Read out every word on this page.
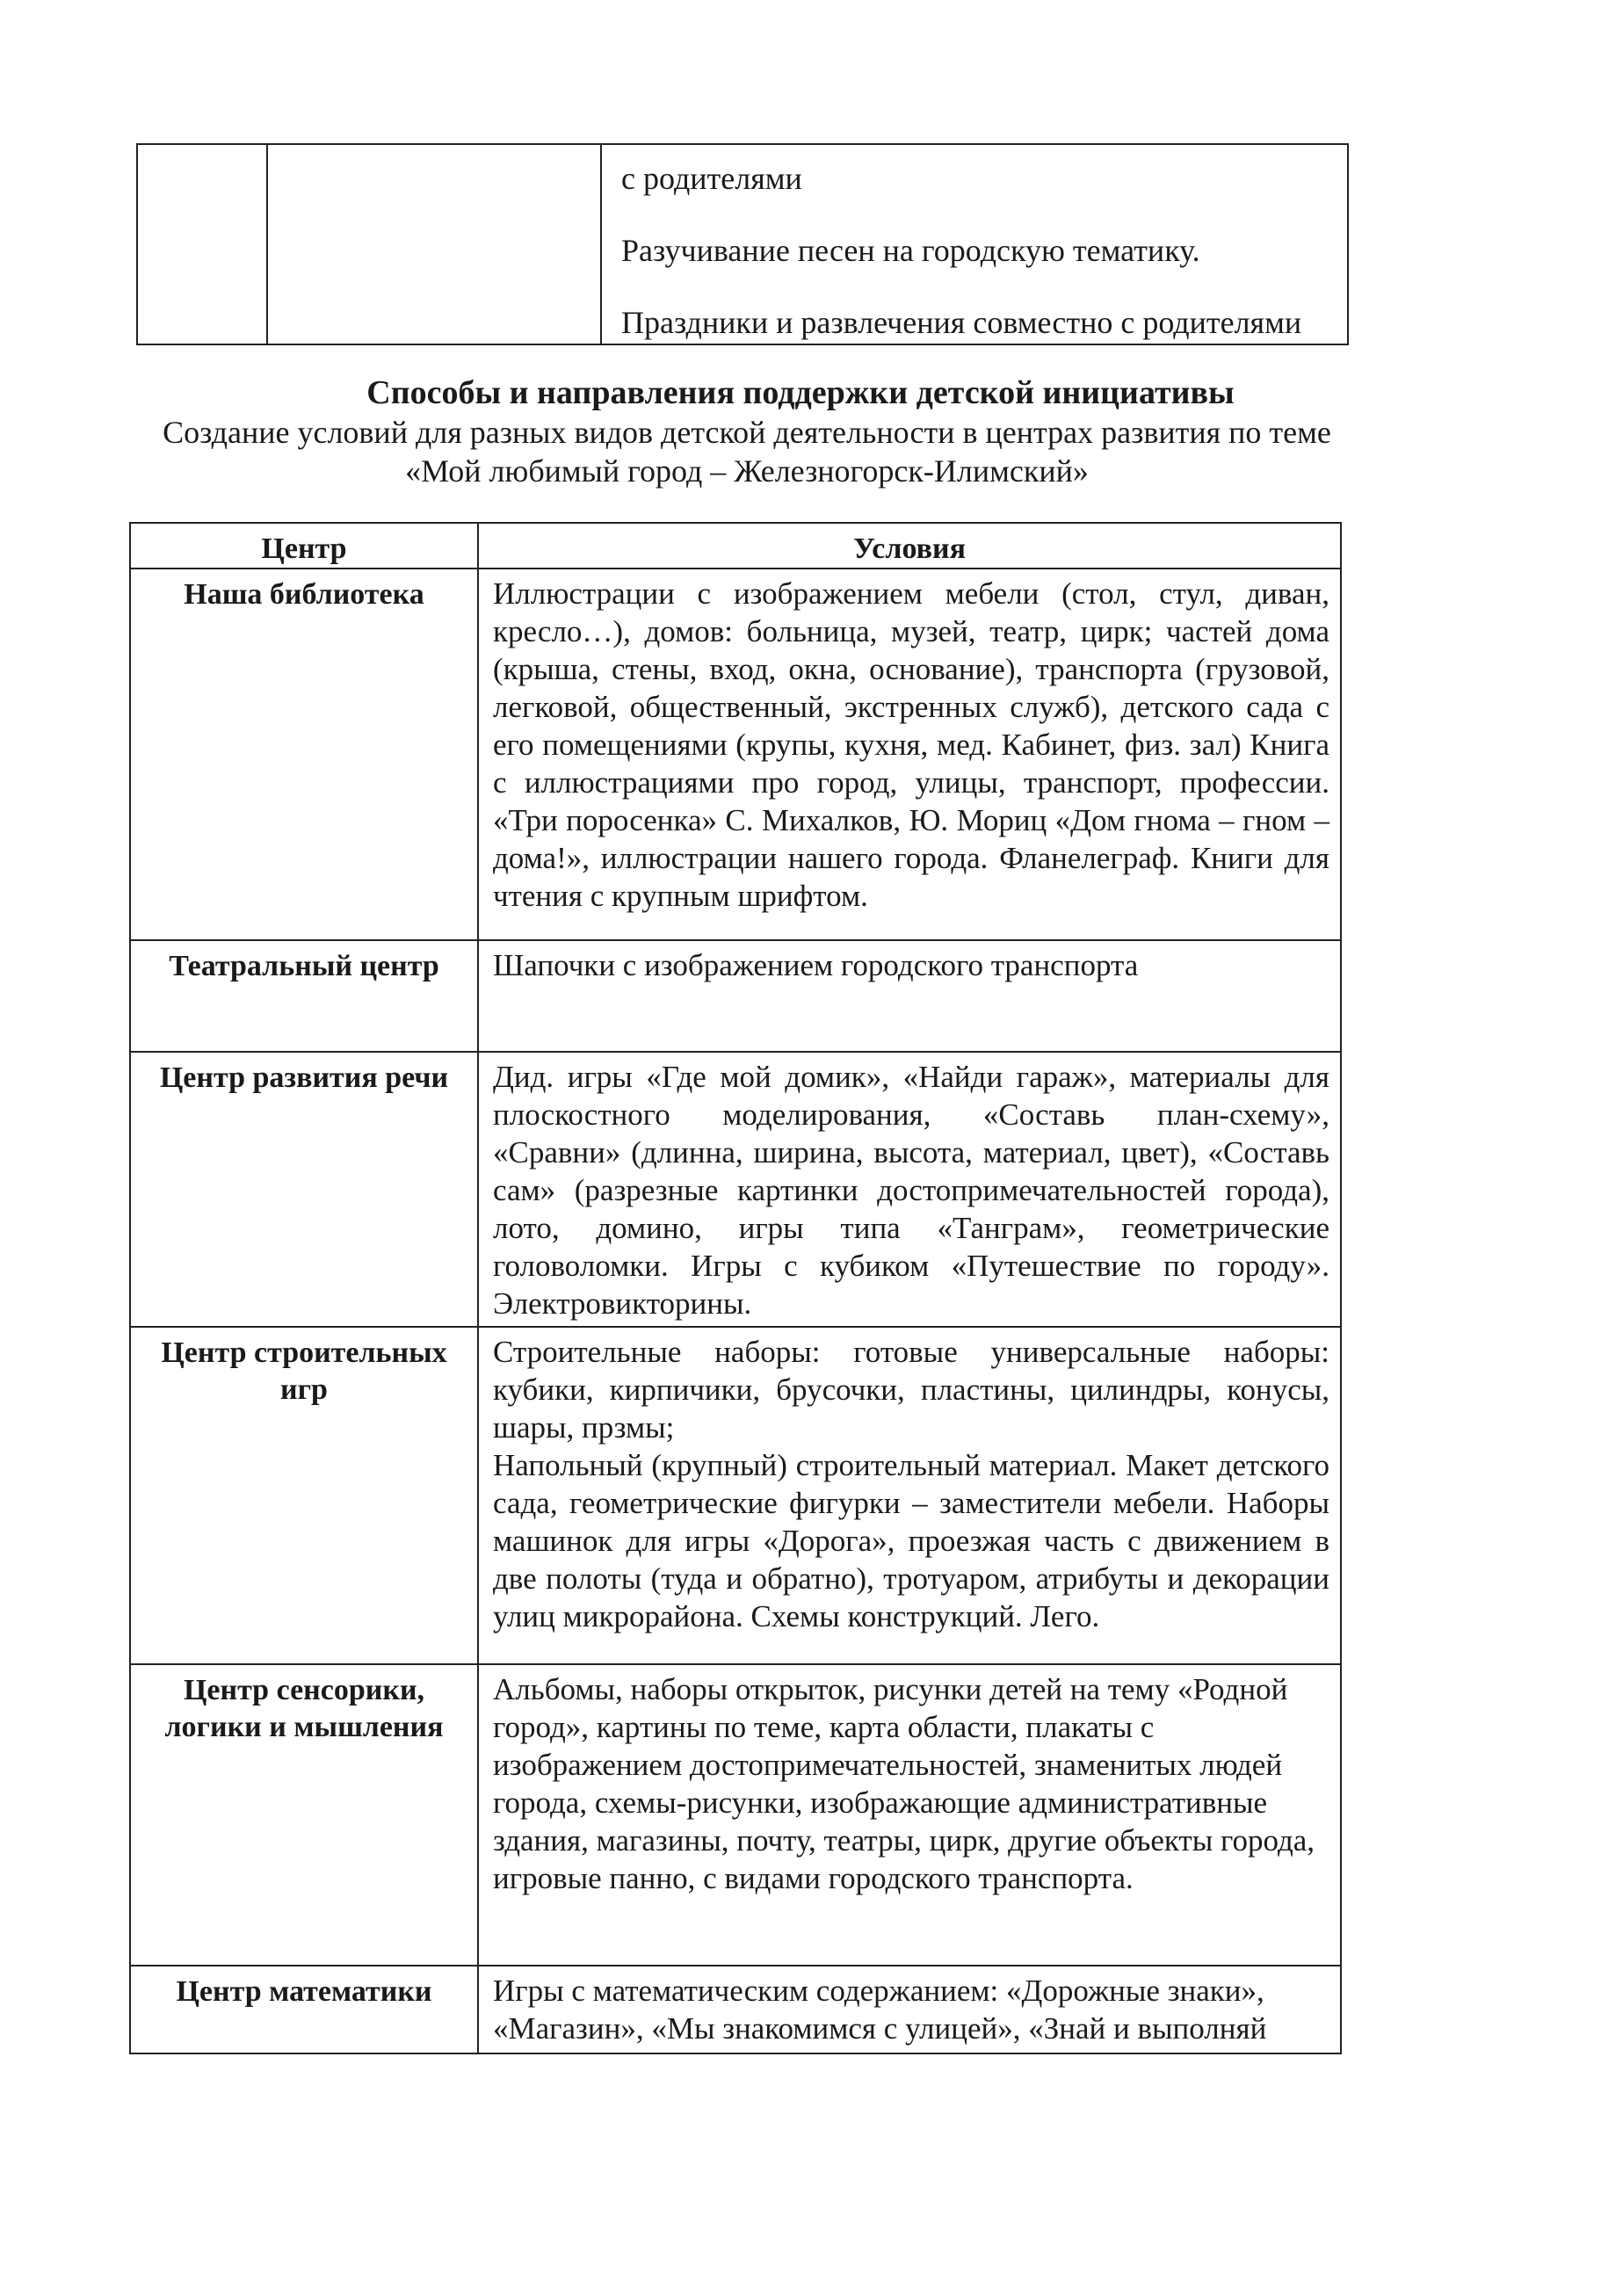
с родителями

Разучивание песен на городскую тематику.

Праздники и развлечения совместно с родителями

Способы и направления поддержки детской инициативы
Создание условий для разных видов детской деятельности в центрах развития по теме «Мой любимый город – Железногорск-Илимский»
Центр	Условия
Наша библиотека	Иллюстрации с изображением мебели (стол, стул, диван, кресло…), домов: больница, музей, театр, цирк; частей дома (крыша, стены, вход, окна, основание), транспорта (грузовой, легковой, общественный, экстренных служб), детского сада с его помещениями (крупы, кухня, мед. Кабинет, физ. зал) Книга с иллюстрациями про город, улицы, транспорт, профессии. «Три поросенка» С. Михалков, Ю. Мориц «Дом гнома – гном – дома!», иллюстрации нашего города. Фланелеграф. Книги для чтения с крупным шрифтом.
Театральный центр	Шапочки с изображением городского транспорта
Центр развития речи	Дид. игры «Где мой домик», «Найди гараж», материалы для плоскостного моделирования, «Составь план-схему», «Сравни» (длинна, ширина, высота, материал, цвет), «Составь сам» (разрезные картинки достопримечательностей города), лото, домино, игры типа «Танграм», геометрические головоломки. Игры с кубиком «Путешествие по городу». Электровикторины.
Центр строительных игр	Строительные наборы: готовые универсальные наборы: кубики, кирпичики, брусочки, пластины, цилиндры, конусы, шары, прзмы;
Напольный (крупный) строительный материал. Макет детского сада, геометрические фигурки – заместители мебели. Наборы машинок для игры «Дорога», проезжая часть с движением в две полоты (туда и обратно), тротуаром, атрибуты и декорации улиц микрорайона. Схемы конструкций. Лего.

Центр сенсорики, логики и мышления	Альбомы, наборы открыток, рисунки детей на тему «Родной город», картины по теме, карта области, плакаты с изображением достопримечательностей, знаменитых людей города, схемы-рисунки, изображающие административные здания, магазины, почту, театры, цирк, другие объекты города, игровые панно, с видами городского транспорта.
Центр математики	Игры с математическим содержанием: «Дорожные знаки», «Магазин», «Мы знакомимся с улицей», «Знай и выполняй
